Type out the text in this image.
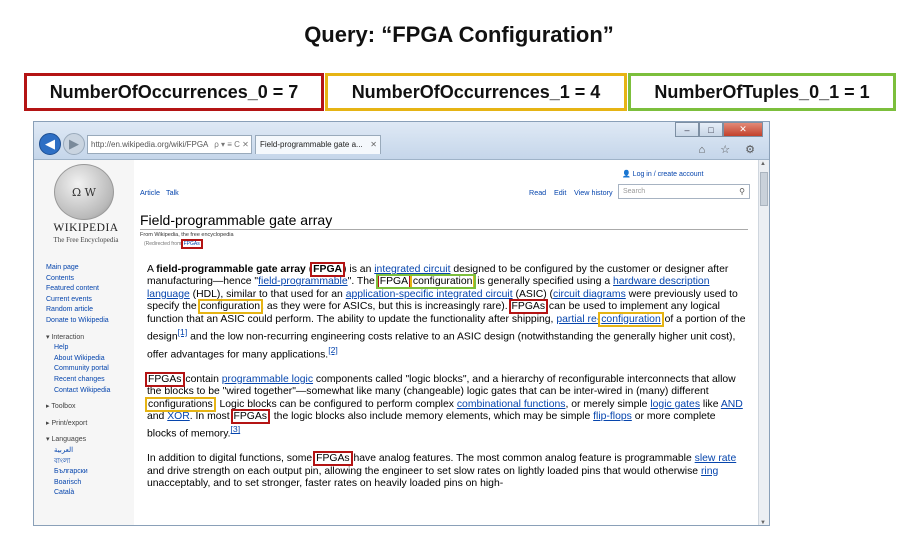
Query: “FPGA Configuration”
NumberOfOccurrences_0 = 7	NumberOfOccurrences_1 = 4	NumberOfTuples_0_1 = 1
◀ ▶	http://en.wikipedia.org/wiki/FPGA ρ ▾ ≡ C ✕	Field-programmable gate a... ✕
–	□	✕
⌂ ☆ ⚙
Ω W
WIKIPEDIA
The Free Encyclopedia
Main page
Contents
Featured content
Current events
Random article
Donate to Wikipedia
▾ Interaction
Help
About Wikipedia
Community portal
Recent changes
Contact Wikipedia
▸ Toolbox
▸ Print/export
▾ Languages
العربية
বাংলা
Български
Boarisch
Català
👤 Log in / create account
Article Talk	Read Edit View history	Search	⚲
Field-programmable gate array
From Wikipedia, the free encyclopedia
(Redirected from FPGAs)

A field-programmable gate array (FPGA) is an integrated circuit designed to be configured by the customer or designer after manufacturing—hence "field-programmable". The FPGA configuration is generally specified using a hardware description language (HDL), similar to that used for an application-specific integrated circuit (ASIC) (circuit diagrams were previously used to specify the configuration, as they were for ASICs, but this is increasingly rare). FPGAs can be used to implement any logical function that an ASIC could perform. The ability to update the functionality after shipping, partial re-configuration of a portion of the design[1] and the low non-recurring engineering costs relative to an ASIC design (notwithstanding the generally higher unit cost), offer advantages for many applications.[2]

FPGAs contain programmable logic components called "logic blocks", and a hierarchy of reconfigurable interconnects that allow the blocks to be "wired together"—somewhat like many (changeable) logic gates that can be inter-wired in (many) different configurations. Logic blocks can be configured to perform complex combinational functions, or merely simple logic gates like AND and XOR. In most FPGAs, the logic blocks also include memory elements, which may be simple flip-flops or more complete blocks of memory.[3]

In addition to digital functions, some FPGAs have analog features. The most common analog feature is programmable slew rate and drive strength on each output pin, allowing the engineer to set slow rates on lightly loaded pins that would otherwise ring unacceptably, and to set stronger, faster rates on heavily loaded pins on high-

▲
▼
